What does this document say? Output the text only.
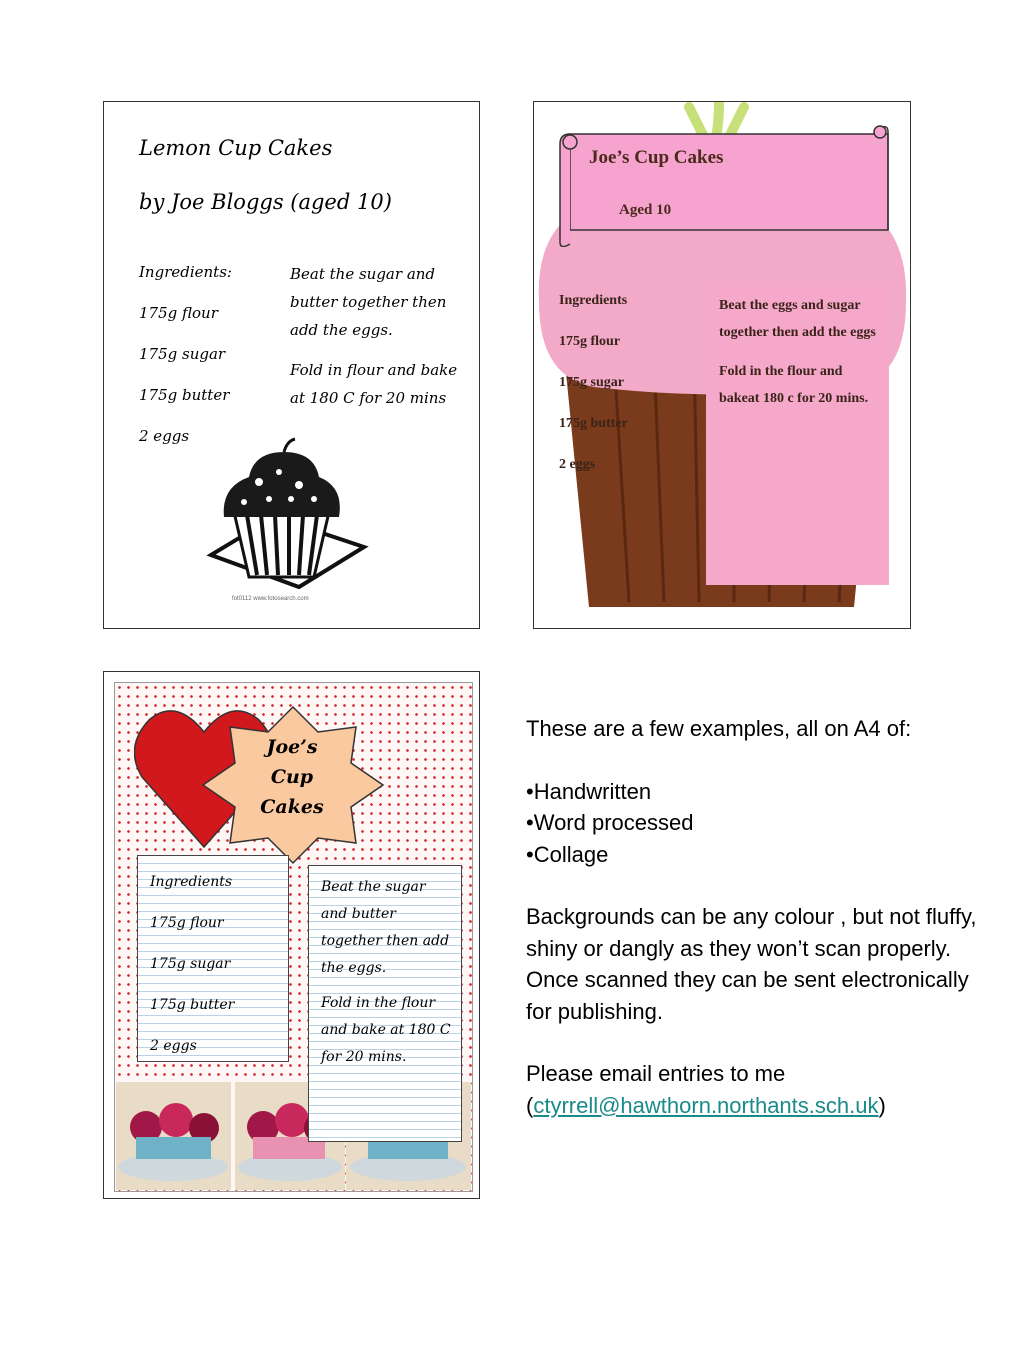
Lemon Cup Cakes
by Joe Bloggs (aged 10)
Ingredients:
175g flour
175g sugar
175g butter
2 eggs

Beat the sugar and butter together then add the eggs.

Fold in flour and bake at 180 C for 20 mins

fot0112 www.fotosearch.com
Joe’s Cup Cakes
Aged 10
Ingredients
175g flour
175g sugar
175g butter
2 eggs

Beat the eggs and sugar together then add the eggs

Fold in the flour and bakeat 180 c for 20 mins.

Joe’s
Cup
Cakes
Ingredients
175g flour
175g sugar
175g butter
2 eggs

Beat the sugar and butter together then add the eggs.

Fold in the flour and bake at 180 C for 20 mins.

These are a few examples, all on A4 of:

•Handwritten

•Word processed

•Collage

Backgrounds can be any colour , but not fluffy, shiny or dangly as they won’t scan properly. Once scanned they can be sent electronically for publishing.

Please email entries to me (ctyrrell@hawthorn.northants.sch.uk)
